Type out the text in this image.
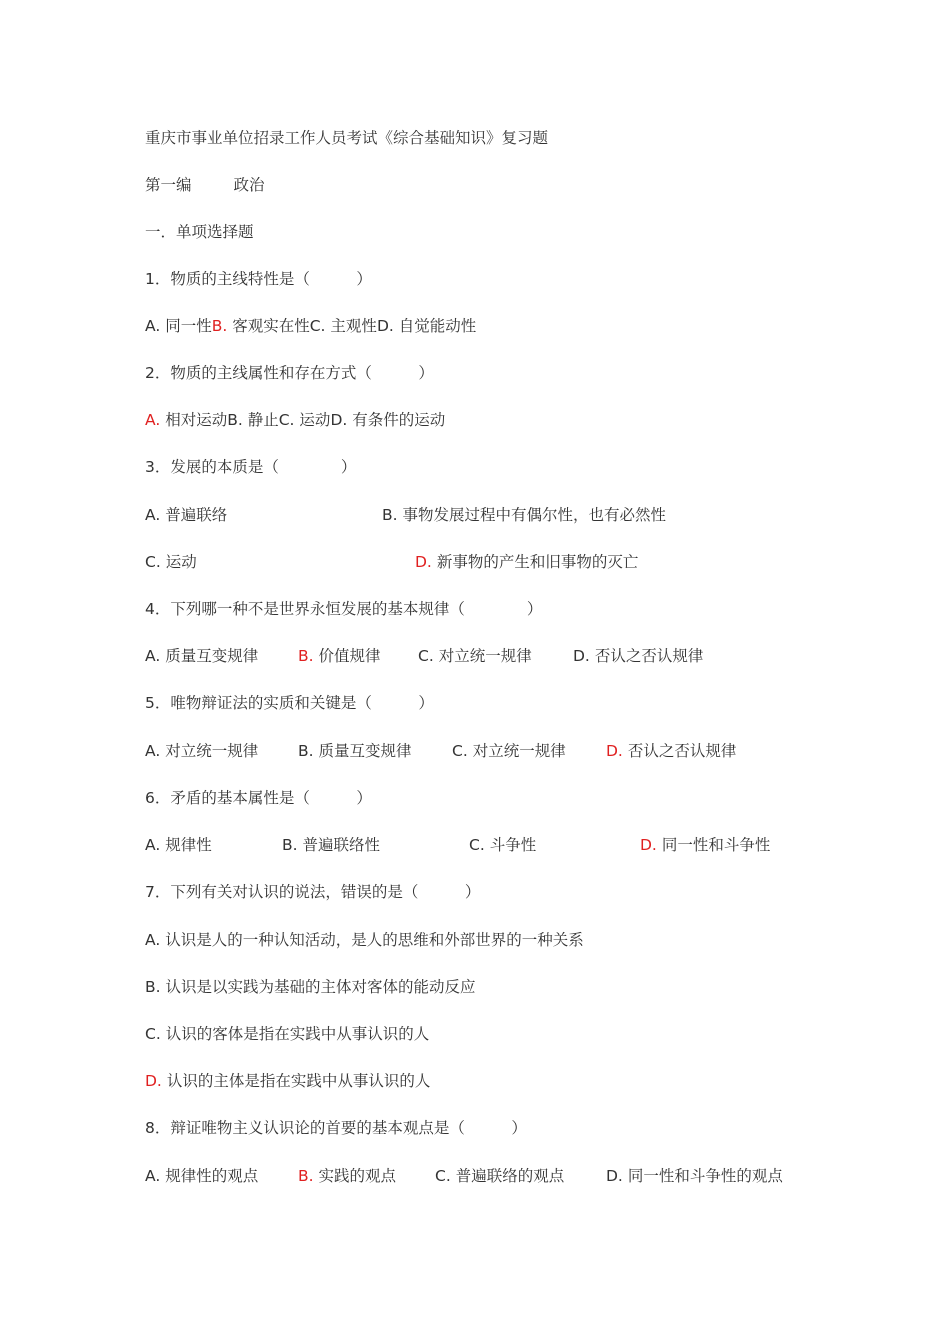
重庆市事业单位招录工作人员考试《综合基础知识》复习题
第一编	政治
一．单项选择题
1．物质的主线特性是（　　　）
A. 同一性B. 客观实在性C. 主观性D. 自觉能动性
2．物质的主线属性和存在方式（　　　）
A. 相对运动B. 静止C. 运动D. 有条件的运动
3．发展的本质是（　　　　）
A. 普遍联络	B. 事物发展过程中有偶尔性，也有必然性
C. 运动	D. 新事物的产生和旧事物的灭亡
4．下列哪一种不是世界永恒发展的基本规律（　　　　）
A. 质量互变规律	B. 价值规律 C. 对立统一规律	D. 否认之否认规律
5．唯物辩证法的实质和关键是（　　　）
A. 对立统一规律	B. 质量互变规律	C. 对立统一规律	D. 否认之否认规律
6．矛盾的基本属性是（　　　）
A. 规律性	B. 普遍联络性	C. 斗争性	D. 同一性和斗争性
7．下列有关对认识的说法，错误的是（　　　）
A. 认识是人的一种认知活动，是人的思维和外部世界的一种关系
B. 认识是以实践为基础的主体对客体的能动反应
C. 认识的客体是指在实践中从事认识的人
D. 认识的主体是指在实践中从事认识的人
8．辩证唯物主义认识论的首要的基本观点是（　　　）
A. 规律性的观点	B. 实践的观点	C. 普遍联络的观点	D. 同一性和斗争性的观点
